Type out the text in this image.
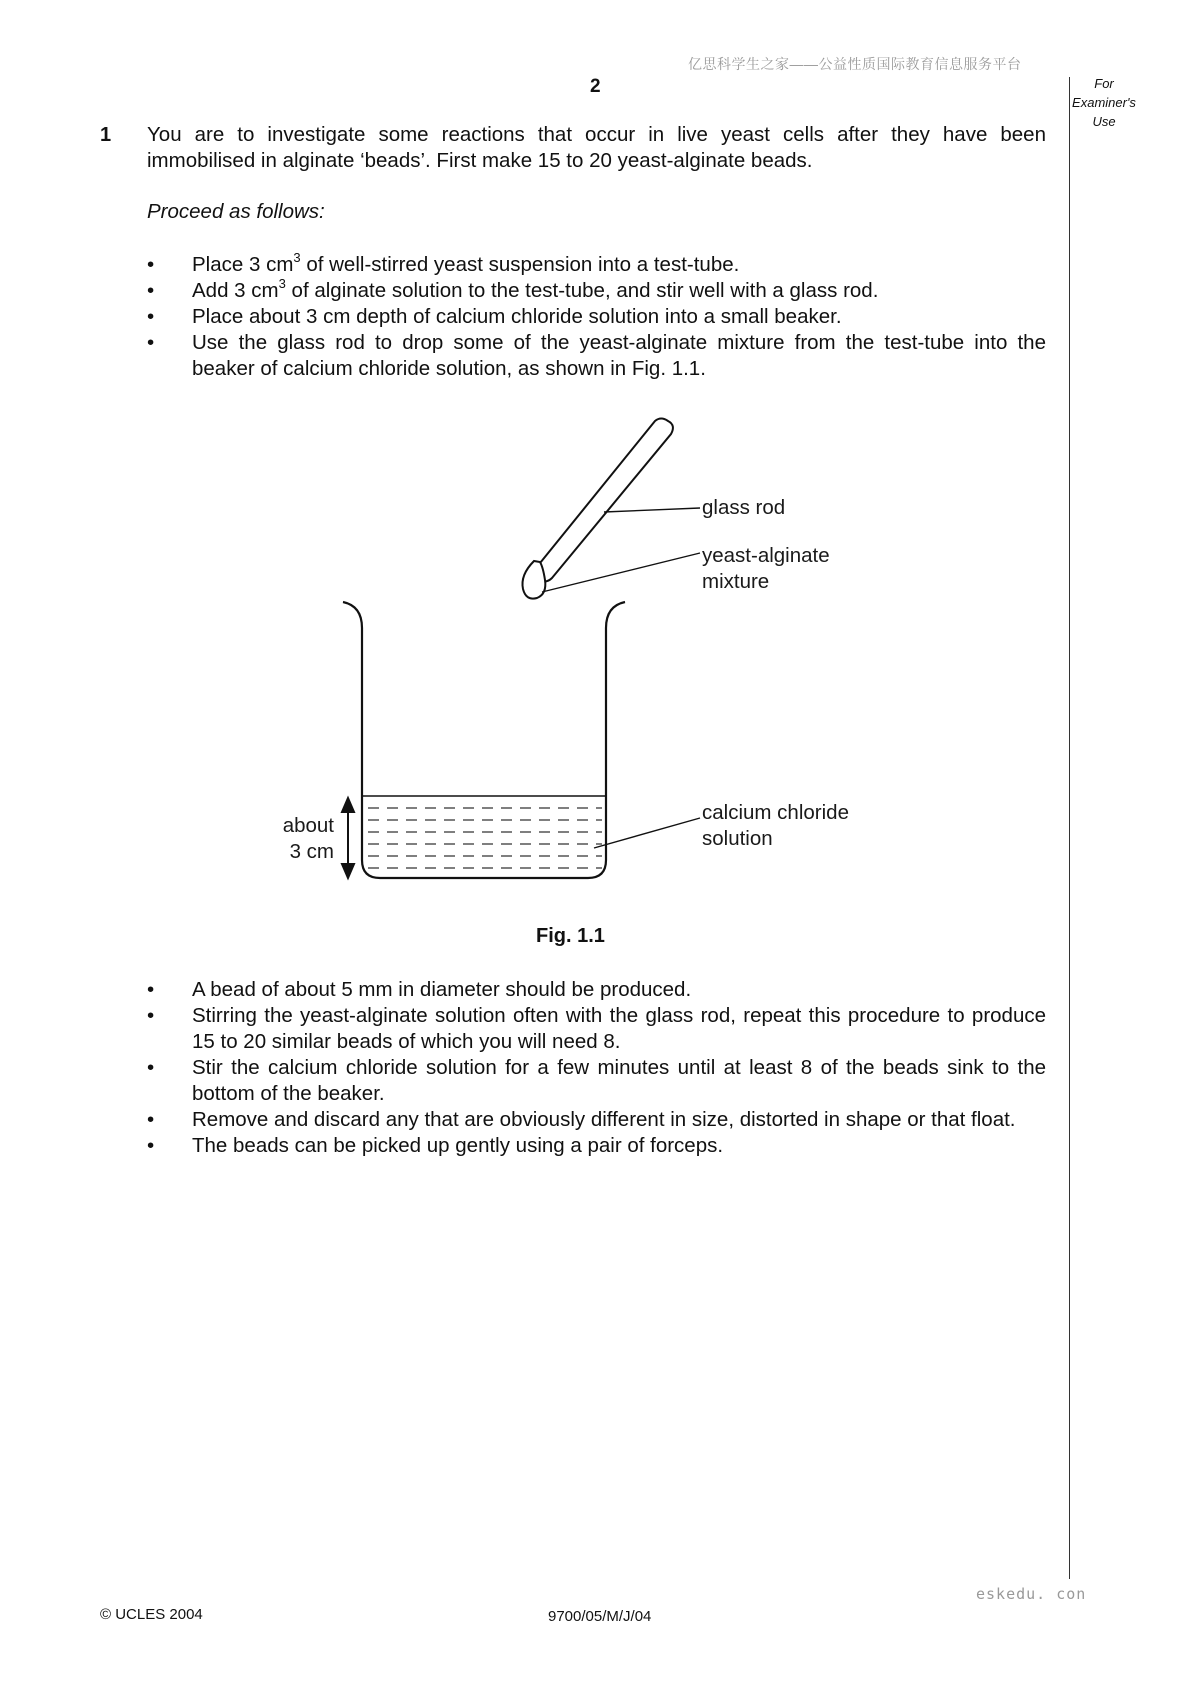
亿思科学生之家——公益性质国际教育信息服务平台
2	For
Examiner's
Use
1 You are to investigate some reactions that occur in live yeast cells after they have been immobilised in alginate ‘beads’. First make 15 to 20 yeast-alginate beads.
Proceed as follows:
• Place 3 $cm^3$ of well-stirred yeast suspension into a test-tube.
• Add 3 $cm^3$ of alginate solution to the test-tube, and stir well with a glass rod.
• Place about 3 cm depth of calcium chloride solution into a small beaker.
• Use the glass rod to drop some of the yeast-alginate mixture from the test-tube into the beaker of calcium chloride solution, as shown in Fig. 1.1.
glass rod
yeast-alginate
mixture
calcium chloride
solution
about
3 cm
Fig. 1.1
• A bead of about 5 mm in diameter should be produced.
• Stirring the yeast-alginate solution often with the glass rod, repeat this procedure to produce 15 to 20 similar beads of which you will need 8.
• Stir the calcium chloride solution for a few minutes until at least 8 of the beads sink to the bottom of the beaker.
• Remove and discard any that are obviously different in size, distorted in shape or that float.
• The beads can be picked up gently using a pair of forceps.
eskedu. con
© UCLES 2004	9700/05/M/J/04
